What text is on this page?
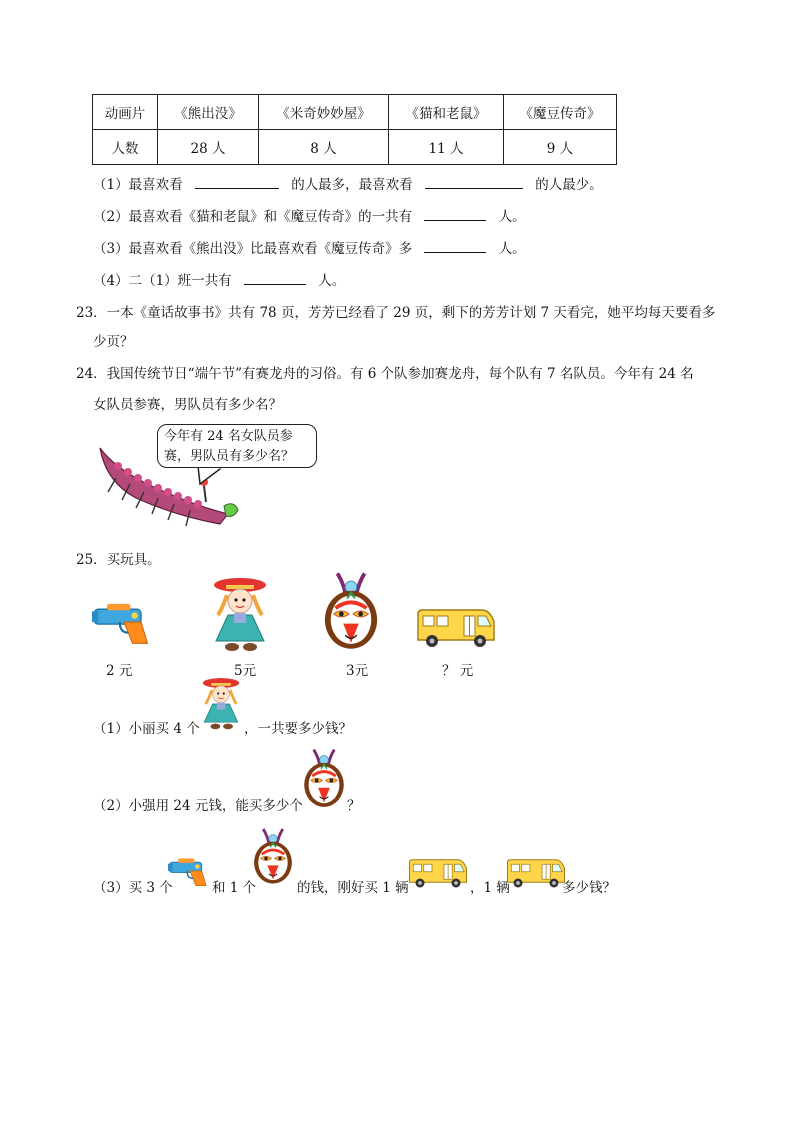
动画片	《熊出没》	《米奇妙妙屋》	《猫和老鼠》	《魔豆传奇》
人数	28 人	8 人	11 人	9 人
（1）最喜欢看	的人最多，最喜欢看	的人最少。
（2）最喜欢看《猫和老鼠》和《魔豆传奇》的一共有	人。
（3）最喜欢看《熊出没》比最喜欢看《魔豆传奇》多	人。
（4）二（1）班一共有	人。
23．一本《童话故事书》共有 78 页，芳芳已经看了 29 页，剩下的芳芳计划 7 天看完，她平均每天要看多
少页？
24．我国传统节日“端午节”有赛龙舟的习俗。有 6 个队参加赛龙舟，每个队有 7 名队员。今年有 24 名
女队员参赛，男队员有多少名？
今年有 24 名女队员参
赛，男队员有多少名？
25．买玩具。
2 元	5元	3元	？ 元
（1）小丽买 4 个	，一共要多少钱？
（2）小强用 24 元钱，能买多少个	？
（3）买 3 个	和 1 个	的钱，刚好买 1 辆	，1 辆	多少钱？
